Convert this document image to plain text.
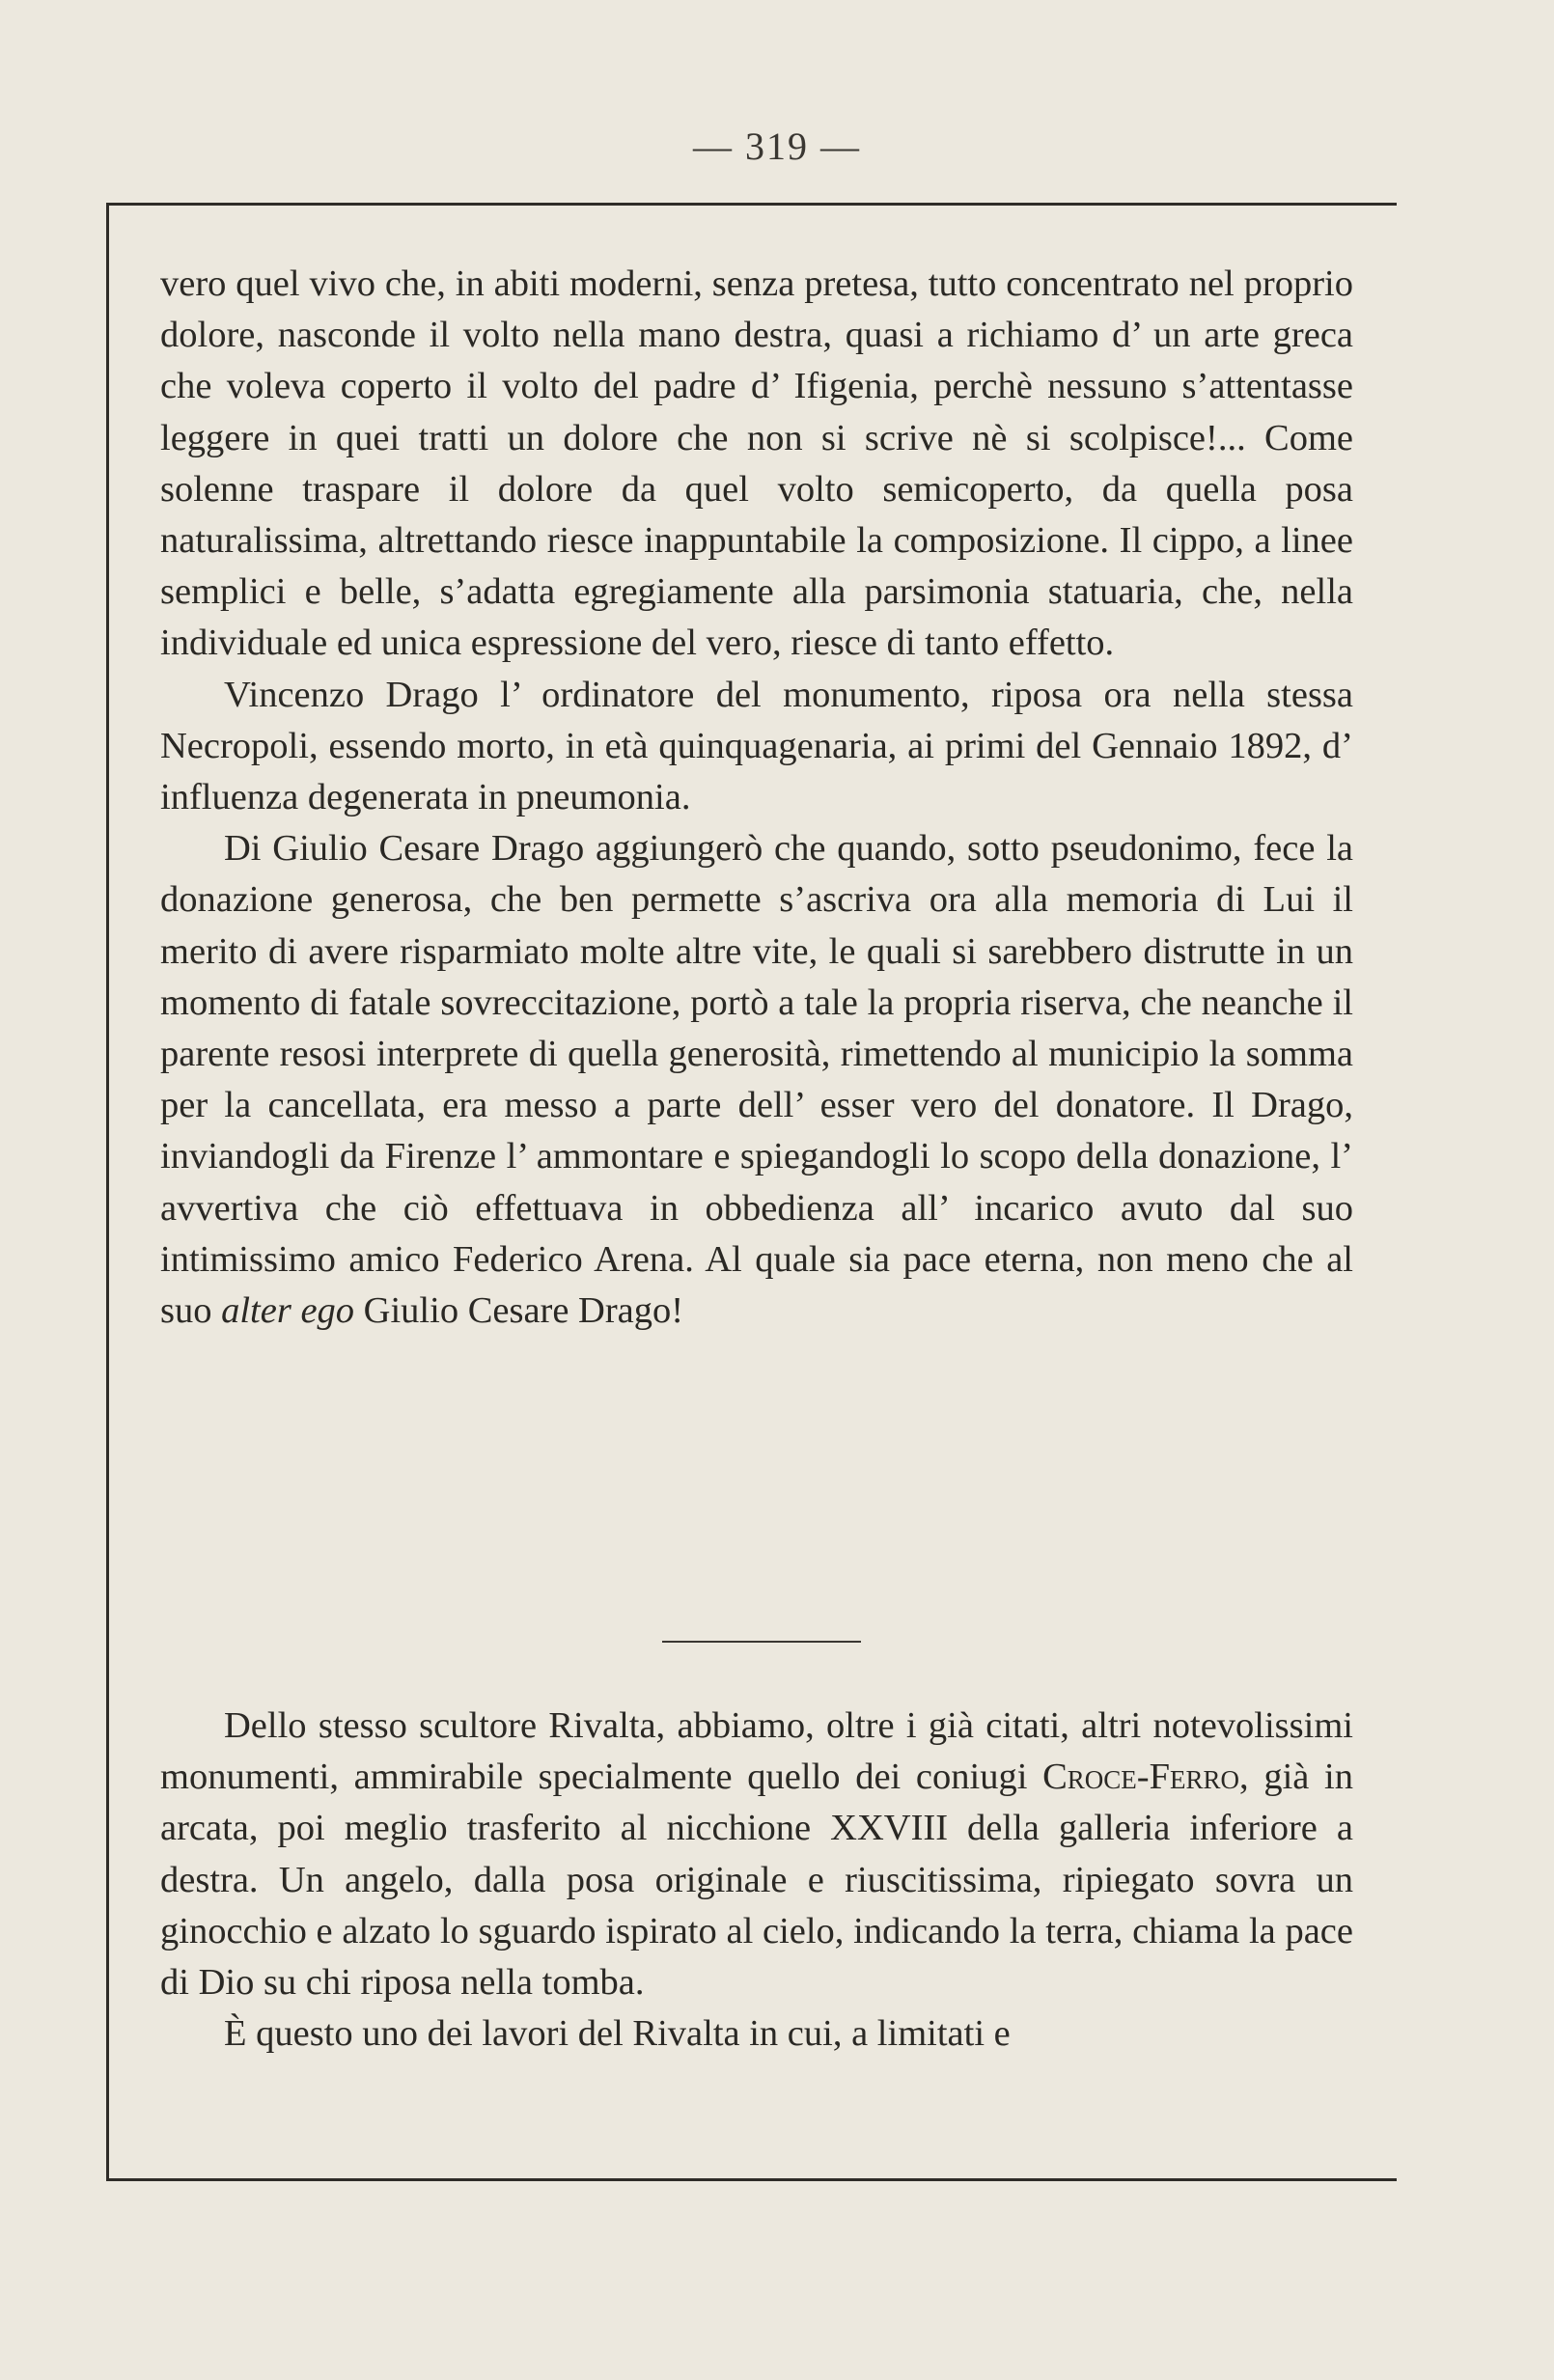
— 319 —

vero quel vivo che, in abiti moderni, senza pretesa, tutto concentrato nel proprio dolore, nasconde il volto nella mano destra, quasi a richiamo d’ un arte greca che voleva coperto il volto del padre d’ Ifigenia, perchè nessuno s’attentasse leggere in quei tratti un dolore che non si scrive nè si scolpisce!... Come solenne traspare il dolore da quel volto semicoperto, da quella posa naturalissima, altrettando riesce inappuntabile la composizione. Il cippo, a linee semplici e belle, s’adatta egregiamente alla parsimonia statuaria, che, nella individuale ed unica espressione del vero, riesce di tanto effetto.

Vincenzo Drago l’ ordinatore del monumento, riposa ora nella stessa Necropoli, essendo morto, in età quinquagenaria, ai primi del Gennaio 1892, d’ influenza degenerata in pneumonia.

Di Giulio Cesare Drago aggiungerò che quando, sotto pseudonimo, fece la donazione generosa, che ben permette s’ascriva ora alla memoria di Lui il merito di avere risparmiato molte altre vite, le quali si sarebbero distrutte in un momento di fatale sovreccitazione, portò a tale la propria riserva, che neanche il parente resosi interprete di quella generosità, rimettendo al municipio la somma per la cancellata, era messo a parte dell’ esser vero del donatore. Il Drago, inviandogli da Firenze l’ ammontare e spiegandogli lo scopo della donazione, l’ avvertiva che ciò effettuava in obbedienza all’ incarico avuto dal suo intimissimo amico Federico Arena. Al quale sia pace eterna, non meno che al suo alter ego Giulio Cesare Drago!

Dello stesso scultore Rivalta, abbiamo, oltre i già citati, altri notevolissimi monumenti, ammirabile specialmente quello dei coniugi Croce-Ferro, già in arcata, poi meglio trasferito al nicchione XXVIII della galleria inferiore a destra. Un angelo, dalla posa originale e riuscitissima, ripiegato sovra un ginocchio e alzato lo sguardo ispirato al cielo, indicando la terra, chiama la pace di Dio su chi riposa nella tomba.

È questo uno dei lavori del Rivalta in cui, a limitati e
